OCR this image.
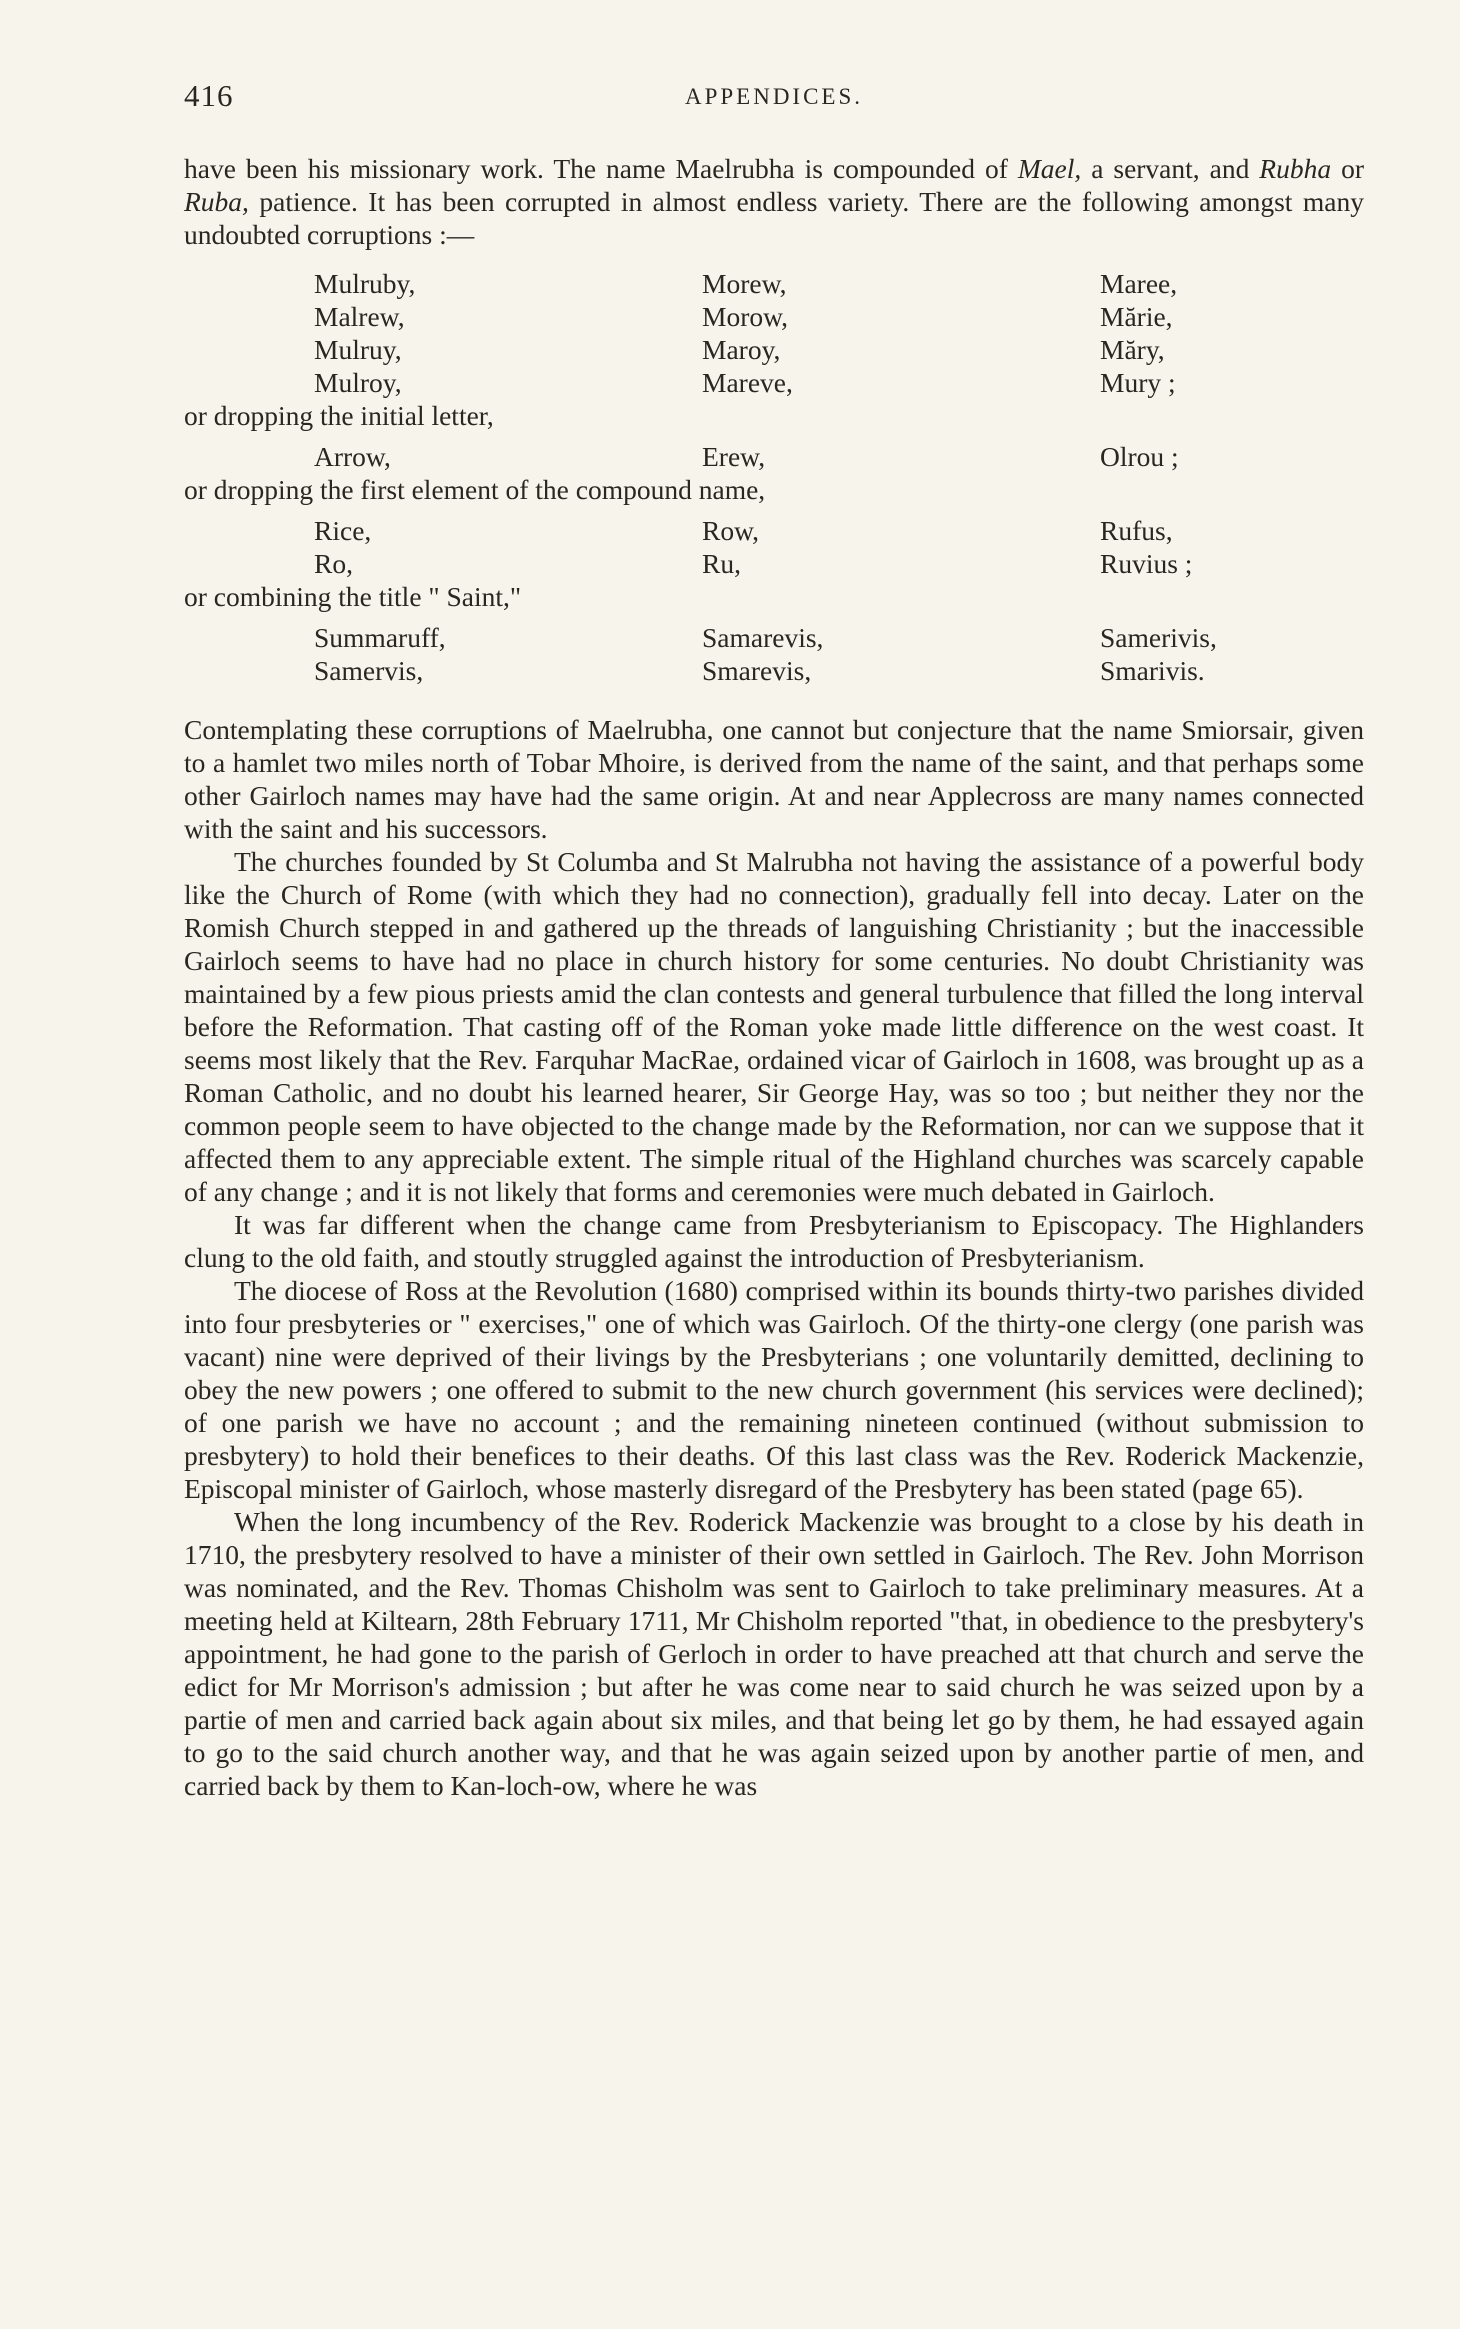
416	APPENDICES.

have been his missionary work. The name Maelrubha is compounded of Mael, a servant, and Rubha or Ruba, patience. It has been corrupted in almost endless variety. There are the following amongst many undoubted corruptions :—

Mulruby,	Morew,	Maree,
Malrew,	Morow,	Mărie,
Mulruy,	Maroy,	Măry,
Mulroy,	Mareve,	Mury ;
or dropping the initial letter,
Arrow,	Erew,	Olrou ;
or dropping the first element of the compound name,
Rice,	Row,	Rufus,
Ro,	Ru,	Ruvius ;
or combining the title " Saint,"
Summaruff,	Samarevis,	Samerivis,
Samervis,	Smarevis,	Smarivis.

Contemplating these corruptions of Maelrubha, one cannot but conjecture that the name Smiorsair, given to a hamlet two miles north of Tobar Mhoire, is derived from the name of the saint, and that perhaps some other Gairloch names may have had the same origin. At and near Applecross are many names connected with the saint and his successors.

The churches founded by St Columba and St Malrubha not having the assistance of a powerful body like the Church of Rome (with which they had no connection), gradually fell into decay. Later on the Romish Church stepped in and gathered up the threads of languishing Christianity ; but the inaccessible Gairloch seems to have had no place in church history for some centuries. No doubt Christianity was maintained by a few pious priests amid the clan contests and general turbulence that filled the long interval before the Reformation. That casting off of the Roman yoke made little difference on the west coast. It seems most likely that the Rev. Farquhar MacRae, ordained vicar of Gairloch in 1608, was brought up as a Roman Catholic, and no doubt his learned hearer, Sir George Hay, was so too ; but neither they nor the common people seem to have objected to the change made by the Reformation, nor can we suppose that it affected them to any appreciable extent. The simple ritual of the Highland churches was scarcely capable of any change ; and it is not likely that forms and ceremonies were much debated in Gairloch.

It was far different when the change came from Presbyterianism to Episcopacy. The Highlanders clung to the old faith, and stoutly struggled against the introduction of Presbyterianism.

The diocese of Ross at the Revolution (1680) comprised within its bounds thirty-two parishes divided into four presbyteries or " exercises," one of which was Gairloch. Of the thirty-one clergy (one parish was vacant) nine were deprived of their livings by the Presbyterians ; one voluntarily demitted, declining to obey the new powers ; one offered to submit to the new church government (his services were declined); of one parish we have no account ; and the remaining nineteen continued (without submission to presbytery) to hold their benefices to their deaths. Of this last class was the Rev. Roderick Mackenzie, Episcopal minister of Gairloch, whose masterly disregard of the Presbytery has been stated (page 65).

When the long incumbency of the Rev. Roderick Mackenzie was brought to a close by his death in 1710, the presbytery resolved to have a minister of their own settled in Gairloch. The Rev. John Morrison was nominated, and the Rev. Thomas Chisholm was sent to Gairloch to take preliminary measures. At a meeting held at Kiltearn, 28th February 1711, Mr Chisholm reported "that, in obedience to the presbytery's appointment, he had gone to the parish of Gerloch in order to have preached att that church and serve the edict for Mr Morrison's admission ; but after he was come near to said church he was seized upon by a partie of men and carried back again about six miles, and that being let go by them, he had essayed again to go to the said church another way, and that he was again seized upon by another partie of men, and carried back by them to Kan-loch-ow, where he was
